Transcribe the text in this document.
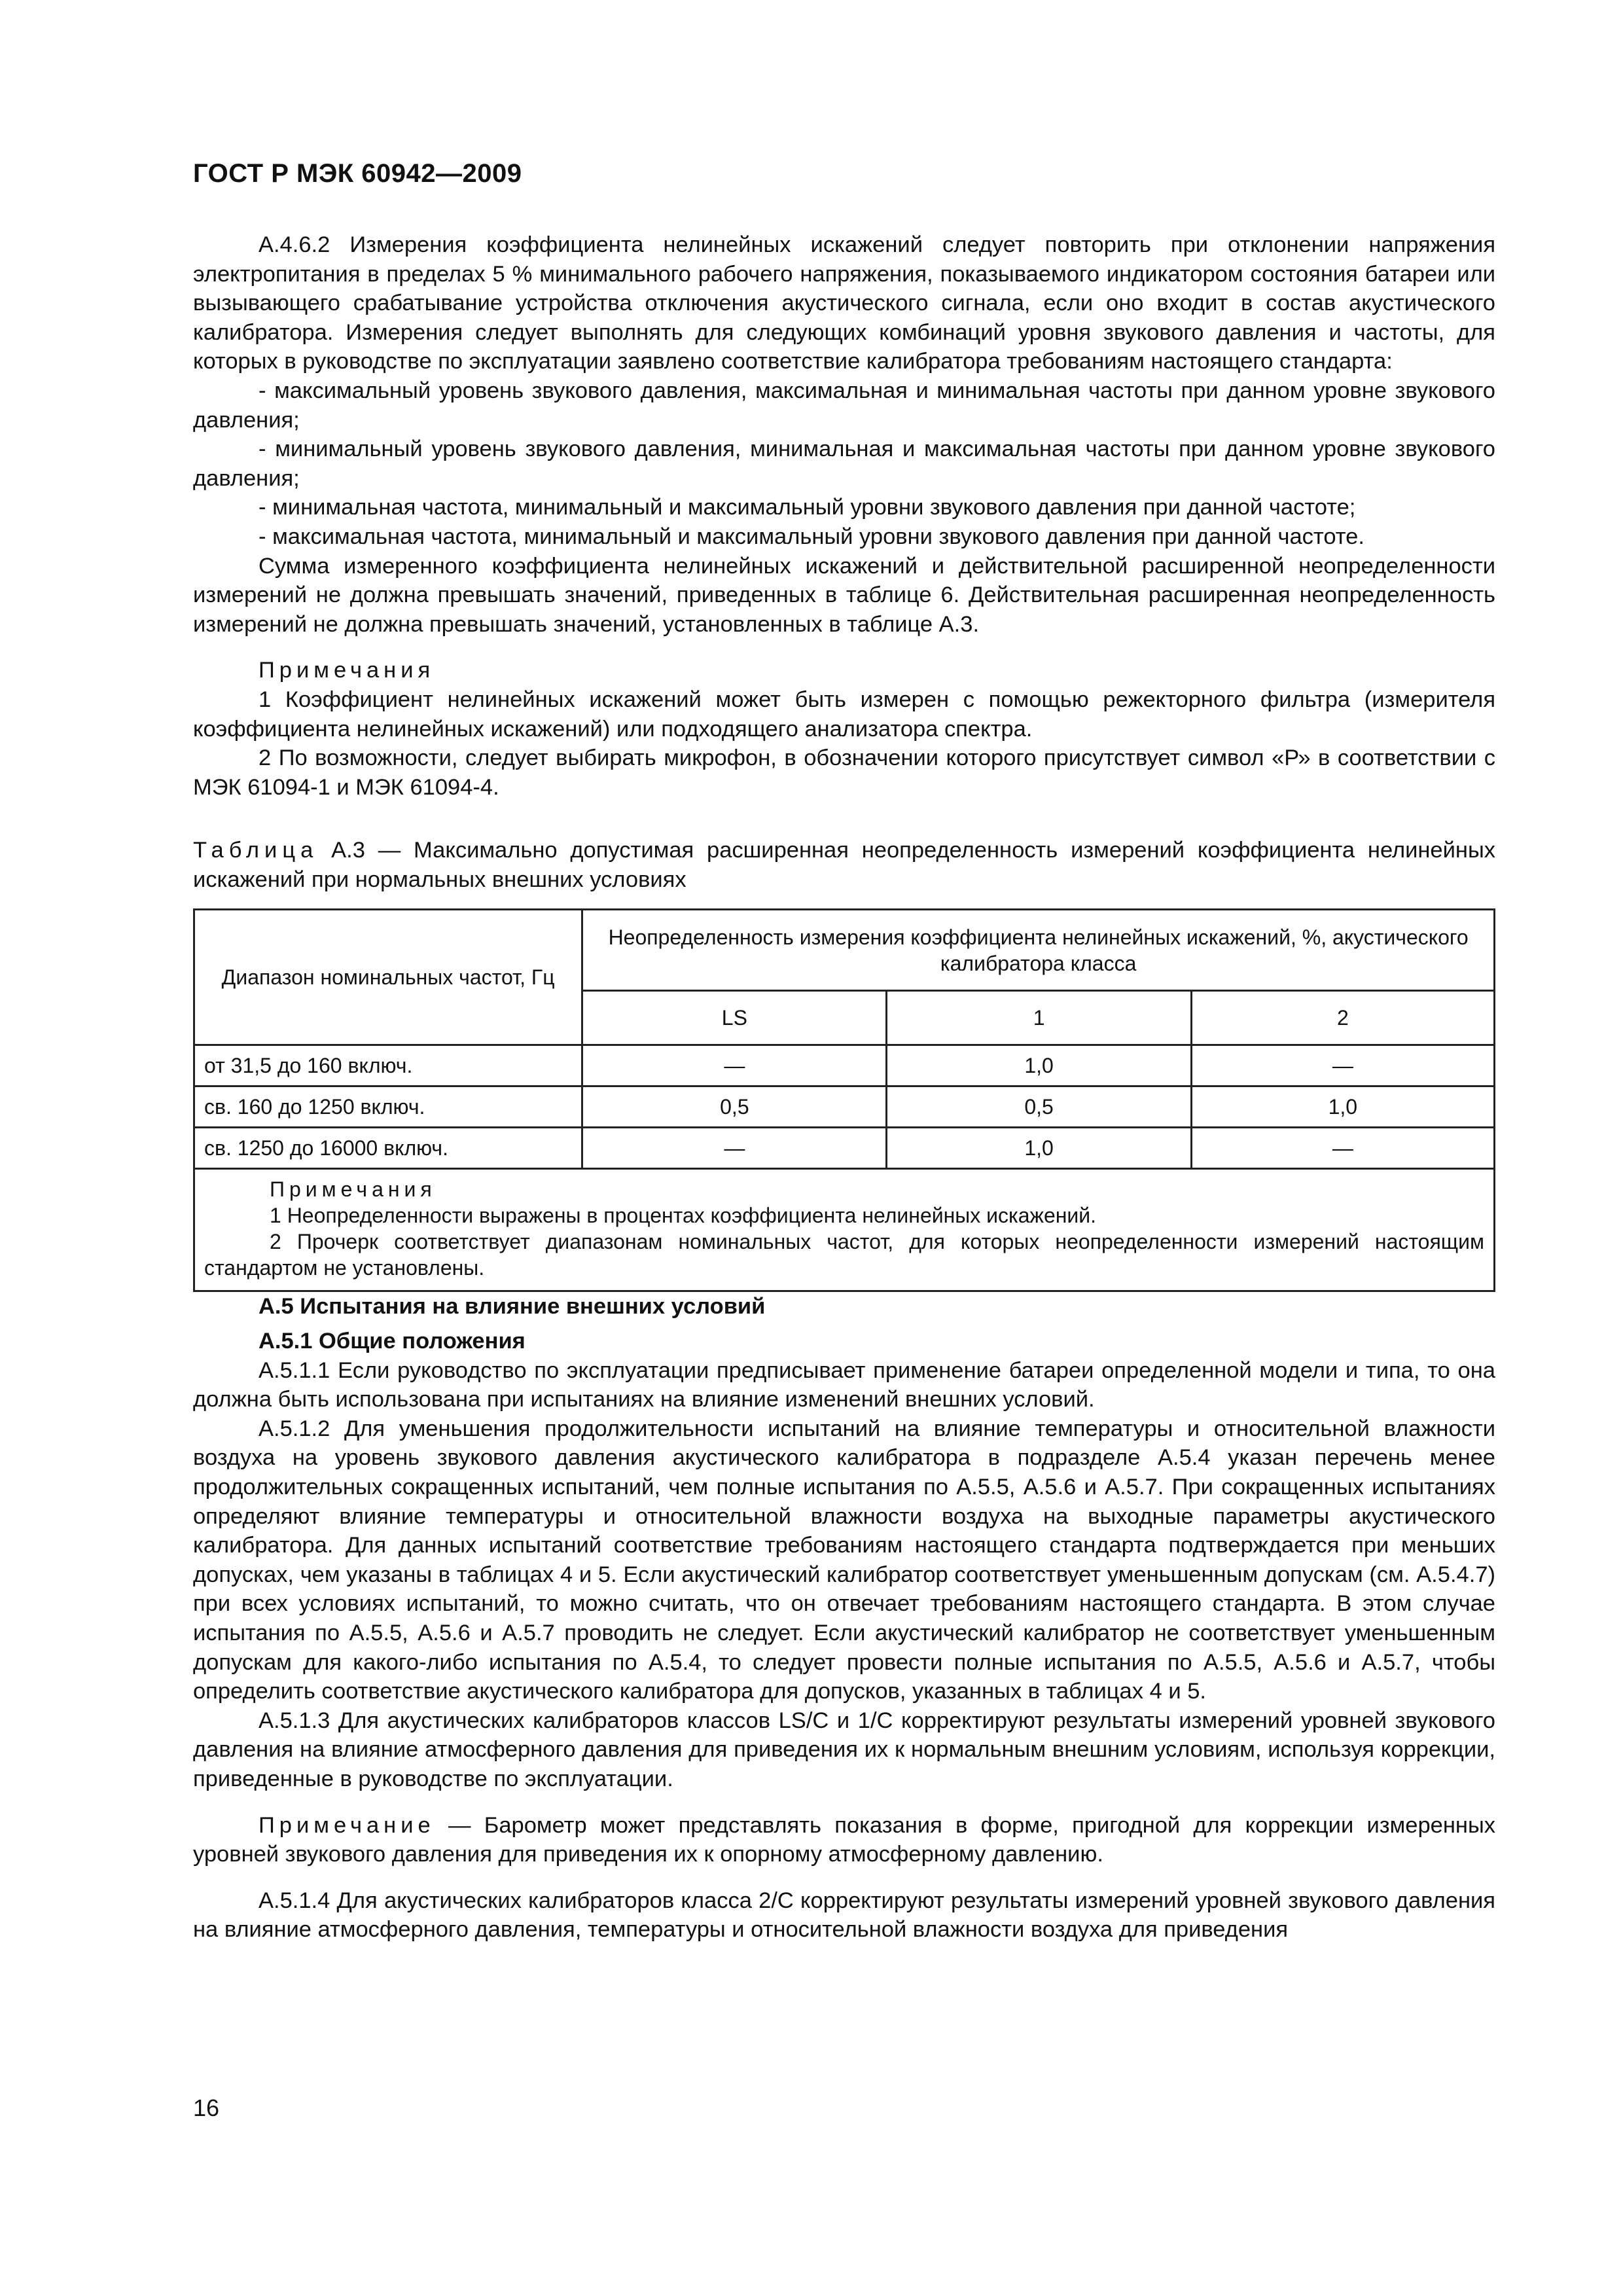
ГОСТ Р МЭК 60942—2009

А.4.6.2 Измерения коэффициента нелинейных искажений следует повторить при отклонении напряжения электропитания в пределах 5 % минимального рабочего напряжения, показываемого индикатором состояния батареи или вызывающего срабатывание устройства отключения акустического сигнала, если оно входит в состав акустического калибратора. Измерения следует выполнять для следующих комбинаций уровня звукового давления и частоты, для которых в руководстве по эксплуатации заявлено соответствие калибратора требованиям настоящего стандарта:

- максимальный уровень звукового давления, максимальная и минимальная частоты при данном уровне звукового давления;

- минимальный уровень звукового давления, минимальная и максимальная частоты при данном уровне звукового давления;

- минимальная частота, минимальный и максимальный уровни звукового давления при данной частоте;

- максимальная частота, минимальный и максимальный уровни звукового давления при данной частоте.

Сумма измеренного коэффициента нелинейных искажений и действительной расширенной неопределенности измерений не должна превышать значений, приведенных в таблице 6. Действительная расширенная неопределенность измерений не должна превышать значений, установленных в таблице А.3.

Примечания

1 Коэффициент нелинейных искажений может быть измерен с помощью режекторного фильтра (измерителя коэффициента нелинейных искажений) или подходящего анализатора спектра.

2 По возможности, следует выбирать микрофон, в обозначении которого присутствует символ «Р» в соответствии с МЭК 61094-1 и МЭК 61094-4.

Таблица А.3 — Максимально допустимая расширенная неопределенность измерений коэффициента нелинейных искажений при нормальных внешних условиях

Диапазон номинальных частот, Гц	Неопределенность измерения коэффициента нелинейных искажений, %, акустического калибратора класса		
	LS	1	2
от 31,5 до 160 включ.	—	1,0	—
св. 160 до 1250 включ.	0,5	0,5	1,0
св. 1250 до 16000 включ.	—	1,0	—

Примечания

1 Неопределенности выражены в процентах коэффициента нелинейных искажений.

2 Прочерк соответствует диапазонам номинальных частот, для которых неопределенности измерений настоящим стандартом не установлены.			

А.5 Испытания на влияние внешних условий

А.5.1 Общие положения

А.5.1.1 Если руководство по эксплуатации предписывает применение батареи определенной модели и типа, то она должна быть использована при испытаниях на влияние изменений внешних условий.

А.5.1.2 Для уменьшения продолжительности испытаний на влияние температуры и относительной влажности воздуха на уровень звукового давления акустического калибратора в подразделе А.5.4 указан перечень менее продолжительных сокращенных испытаний, чем полные испытания по А.5.5, А.5.6 и А.5.7. При сокращенных испытаниях определяют влияние температуры и относительной влажности воздуха на выходные параметры акустического калибратора. Для данных испытаний соответствие требованиям настоящего стандарта подтверждается при меньших допусках, чем указаны в таблицах 4 и 5. Если акустический калибратор соответствует уменьшенным допускам (см. А.5.4.7) при всех условиях испытаний, то можно считать, что он отвечает требованиям настоящего стандарта. В этом случае испытания по А.5.5, А.5.6 и А.5.7 проводить не следует. Если акустический калибратор не соответствует уменьшенным допускам для какого-либо испытания по А.5.4, то следует провести полные испытания по А.5.5, А.5.6 и А.5.7, чтобы определить соответствие акустического калибратора для допусков, указанных в таблицах 4 и 5.

А.5.1.3 Для акустических калибраторов классов LS/C и 1/C корректируют результаты измерений уровней звукового давления на влияние атмосферного давления для приведения их к нормальным внешним условиям, используя коррекции, приведенные в руководстве по эксплуатации.

Примечание — Барометр может представлять показания в форме, пригодной для коррекции измеренных уровней звукового давления для приведения их к опорному атмосферному давлению.

А.5.1.4 Для акустических калибраторов класса 2/C корректируют результаты измерений уровней звукового давления на влияние атмосферного давления, температуры и относительной влажности воздуха для приведения

16
